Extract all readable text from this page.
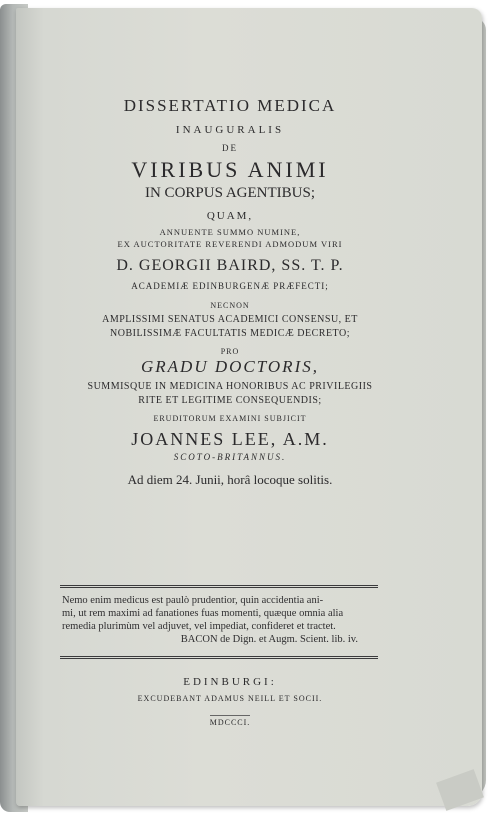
DISSERTATIO MEDICA
INAUGURALIS
DE
VIRIBUS ANIMI
IN CORPUS AGENTIBUS;
QUAM,
ANNUENTE SUMMO NUMINE,
EX AUCTORITATE REVERENDI ADMODUM VIRI
D. GEORGII BAIRD, SS. T. P.
ACADEMIÆ EDINBURGENÆ PRÆFECTI;
NECNON
AMPLISSIMI SENATUS ACADEMICI CONSENSU, ET
NOBILISSIMÆ FACULTATIS MEDICÆ DECRETO;
PRO
GRADU DOCTORIS,
SUMMISQUE IN MEDICINA HONORIBUS AC PRIVILEGIIS
RITE ET LEGITIME CONSEQUENDIS;
ERUDITORUM EXAMINI SUBJICIT
JOANNES LEE, A.M.
SCOTO-BRITANNUS.
Ad diem 24. Junii, horâ locoque solitis.
Nemo enim medicus est paulò prudentior, quin accidentia ani-
mi, ut rem maximi ad fanationes fuas momenti, quæque omnia alia
remedia plurimùm vel adjuvet, vel impediat, confideret et tractet.
BACON de Dign. et Augm. Scient. lib. iv.
EDINBURGI:
EXCUDEBANT ADAMUS NEILL ET SOCII.
MDCCCI.
